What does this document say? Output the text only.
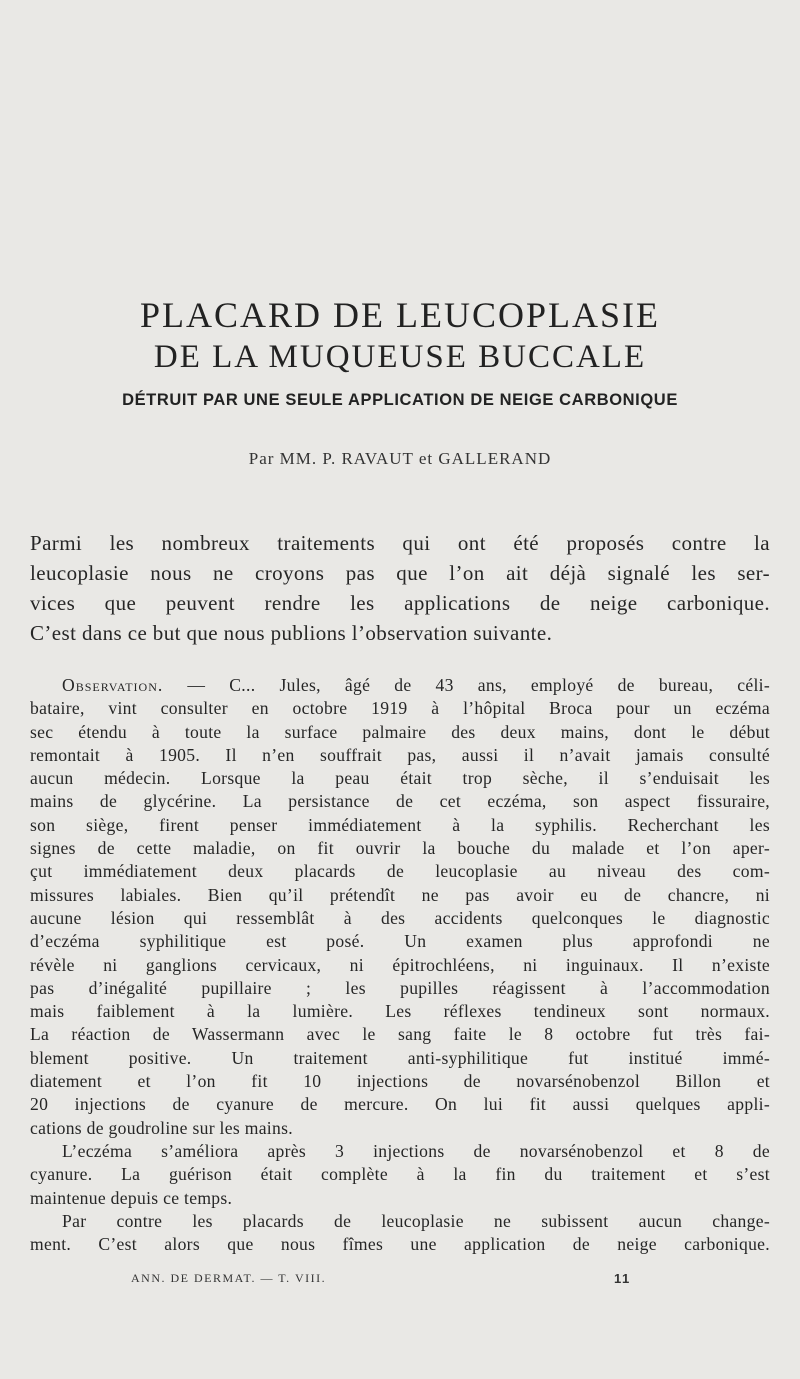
PLACARD DE LEUCOPLASIE
DE LA MUQUEUSE BUCCALE
DÉTRUIT PAR UNE SEULE APPLICATION DE NEIGE CARBONIQUE
Par MM. P. RAVAUT et GALLERAND
Parmi les nombreux traitements qui ont été proposés contre la
leucoplasie nous ne croyons pas que l’on ait déjà signalé les ser-
vices que peuvent rendre les applications de neige carbonique.
C’est dans ce but que nous publions l’observation suivante.
Observation. — C... Jules, âgé de 43 ans, employé de bureau, céli-
bataire, vint consulter en octobre 1919 à l’hôpital Broca pour un eczéma
sec étendu à toute la surface palmaire des deux mains, dont le début
remontait à 1905. Il n’en souffrait pas, aussi il n’avait jamais consulté
aucun médecin. Lorsque la peau était trop sèche, il s’enduisait les
mains de glycérine. La persistance de cet eczéma, son aspect fissuraire,
son siège, firent penser immédiatement à la syphilis. Recherchant les
signes de cette maladie, on fit ouvrir la bouche du malade et l’on aper-
çut immédiatement deux placards de leucoplasie au niveau des com-
missures labiales. Bien qu’il prétendît ne pas avoir eu de chancre, ni
aucune lésion qui ressemblât à des accidents quelconques le diagnostic
d’eczéma syphilitique est posé. Un examen plus approfondi ne
révèle ni ganglions cervicaux, ni épitrochléens, ni inguinaux. Il n’existe
pas d’inégalité pupillaire ; les pupilles réagissent à l’accommodation
mais faiblement à la lumière. Les réflexes tendineux sont normaux.
La réaction de Wassermann avec le sang faite le 8 octobre fut très fai-
blement positive. Un traitement anti-syphilitique fut institué immé-
diatement et l’on fit 10 injections de novarsénobenzol Billon et
20 injections de cyanure de mercure. On lui fit aussi quelques appli-
cations de goudroline sur les mains.
L’eczéma s’améliora après 3 injections de novarsénobenzol et 8 de
cyanure. La guérison était complète à la fin du traitement et s’est
maintenue depuis ce temps.
Par contre les placards de leucoplasie ne subissent aucun change-
ment. C’est alors que nous fîmes une application de neige carbonique.
ANN. DE DERMAT. — T. VIII.	11
